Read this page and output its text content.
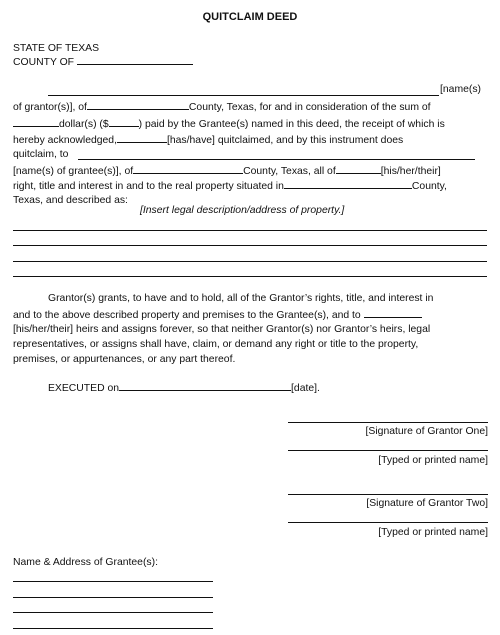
QUITCLAIM DEED
STATE OF TEXAS
COUNTY OF
[name(s)
of grantor(s)], of	County, Texas, for and in consideration of the sum of
dollar(s) ($	) paid by the Grantee(s) named in this deed, the receipt of which is
hereby acknowledged,	[has/have] quitclaimed, and by this instrument does
quitclaim, to
[name(s) of grantee(s)], of	County, Texas, all of	[his/her/their]
right, title and interest in and to the real property situated in	County,
Texas, and described as:
[Insert legal description/address of property.]
Grantor(s) grants, to have and to hold, all of the Grantor’s rights, title, and interest in
and to the above described property and premises to the Grantee(s), and to
[his/her/their] heirs and assigns forever, so that neither Grantor(s) nor Grantor’s heirs, legal
representatives, or assigns shall have, claim, or demand any right or title to the property,
premises, or appurtenances, or any part thereof.
EXECUTED on	[date].
[Signature of Grantor One]
[Typed or printed name]
[Signature of Grantor Two]
[Typed or printed name]
Name & Address of Grantee(s):
